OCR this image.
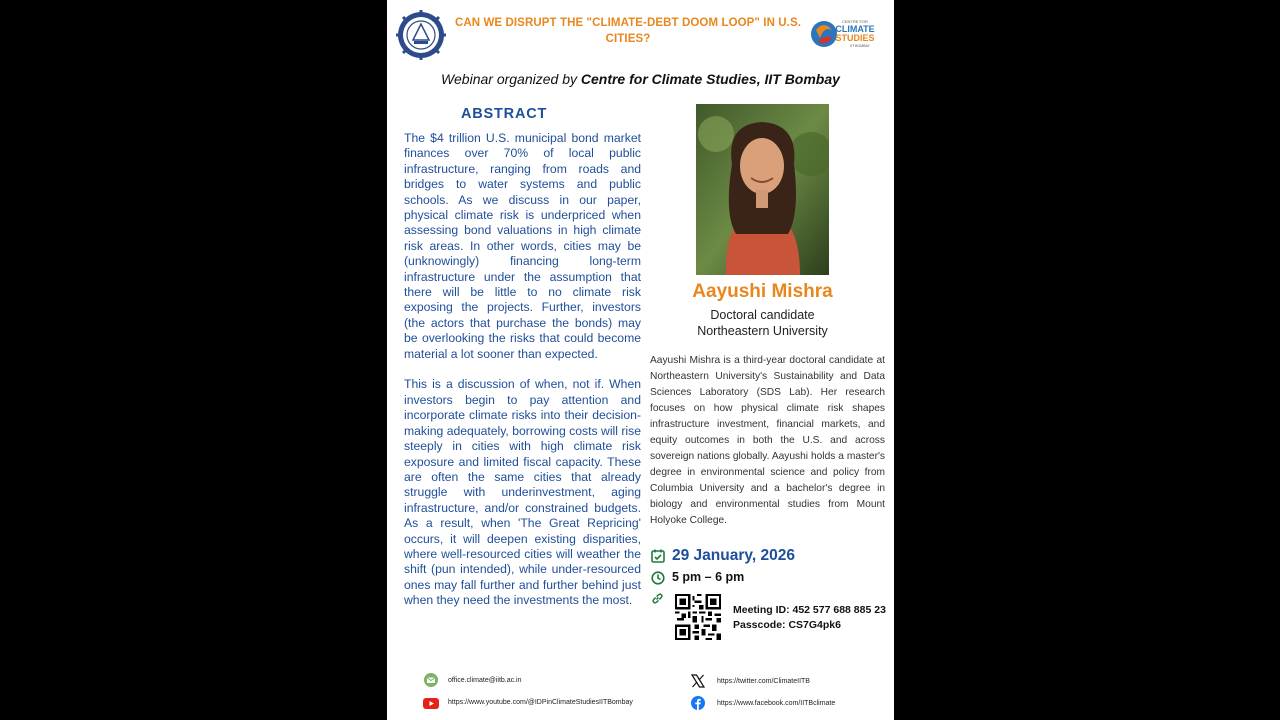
CAN WE DISRUPT THE "CLIMATE-DEBT DOOM LOOP" IN U.S. CITIES?
CENTRE FOR
CLIMATE
STUDIES
IIT BOMBAY
Webinar organized by Centre for Climate Studies, IIT Bombay
ABSTRACT

The $4 trillion U.S. municipal bond market finances over 70% of local public infrastructure, ranging from roads and bridges to water systems and public schools. As we discuss in our paper, physical climate risk is underpriced when assessing bond valuations in high climate risk areas. In other words, cities may be (unknowingly) financing long-term infrastructure under the assumption that there will be little to no climate risk exposing the projects. Further, investors (the actors that purchase the bonds) may be overlooking the risks that could become material a lot sooner than expected.

This is a discussion of when, not if. When investors begin to pay attention and incorporate climate risks into their decision-making adequately, borrowing costs will rise steeply in cities with high climate risk exposure and limited fiscal capacity. These are often the same cities that already struggle with underinvestment, aging infrastructure, and/or constrained budgets. As a result, when 'The Great Repricing' occurs, it will deepen existing disparities, where well-resourced cities will weather the shift (pun intended), while under-resourced ones may fall further and further behind just when they need the investments the most.

Aayushi Mishra
Doctoral candidate
Northeastern University
Aayushi Mishra is a third-year doctoral candidate at Northeastern University's Sustainability and Data Sciences Laboratory (SDS Lab). Her research focuses on how physical climate risk shapes infrastructure investment, financial markets, and equity outcomes in both the U.S. and across sovereign nations globally. Aayushi holds a master's degree in environmental science and policy from Columbia University and a bachelor's degree in biology and environmental studies from Mount Holyoke College.
29 January, 2026
5 pm – 6 pm
Meeting ID: 452 577 688 885 23
Passcode: CS7G4pk6
office.climate@iitb.ac.in
https://www.youtube.com/@IDPinClimateStudiesIITBombay
https://twitter.com/ClimateIITB
https://www.facebook.com/IITBclimate
